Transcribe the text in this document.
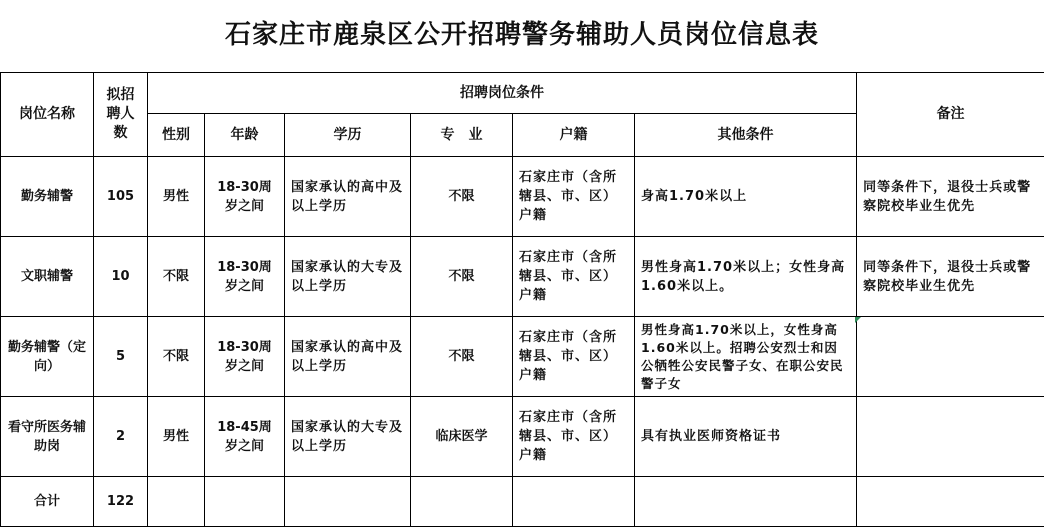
石家庄市鹿泉区公开招聘警务辅助人员岗位信息表
岗位名称	拟招聘人数	招聘岗位条件						备注
		性别	年龄	学历	专　业	户籍	其他条件	
勤务辅警	105	男性	18-30周岁之间	国家承认的高中及以上学历	不限	石家庄市（含所辖县、市、区）户籍	身高1.70米以上	同等条件下，退役士兵或警察院校毕业生优先
文职辅警	10	不限	18-30周岁之间	国家承认的大专及以上学历	不限	石家庄市（含所辖县、市、区）户籍	男性身高1.70米以上；女性身高1.60米以上。	同等条件下，退役士兵或警察院校毕业生优先
勤务辅警（定向）	5	不限	18-30周岁之间	国家承认的高中及以上学历	不限	石家庄市（含所辖县、市、区）户籍	男性身高1.70米以上，女性身高1.60米以上。招聘公安烈士和因公牺牲公安民警子女、在职公安民警子女	
看守所医务辅助岗	2	男性	18-45周岁之间	国家承认的大专及以上学历	临床医学	石家庄市（含所辖县、市、区）户籍	具有执业医师资格证书	
合计	122							
